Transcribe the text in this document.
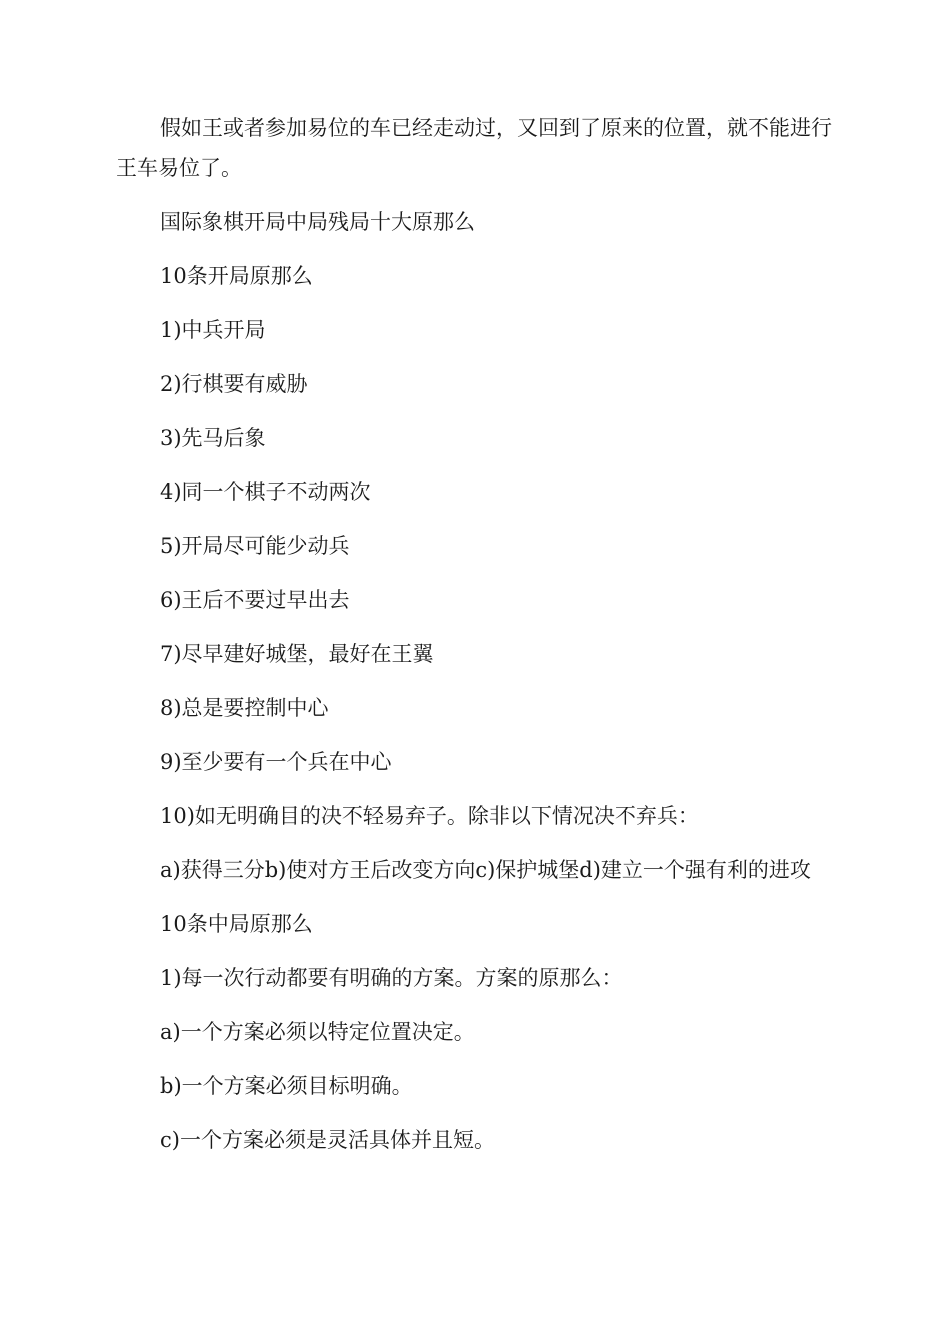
假如王或者参加易位的车已经走动过，又回到了原来的位置，就不能进行王车易位了。

国际象棋开局中局残局十大原那么

10条开局原那么

1)中兵开局

2)行棋要有威胁

3)先马后象

4)同一个棋子不动两次

5)开局尽可能少动兵

6)王后不要过早出去

7)尽早建好城堡，最好在王翼

8)总是要控制中心

9)至少要有一个兵在中心

10)如无明确目的决不轻易弃子。除非以下情况决不弃兵：

a)获得三分b)使对方王后改变方向c)保护城堡d)建立一个强有利的进攻

10条中局原那么

1)每一次行动都要有明确的方案。方案的原那么：

a)一个方案必须以特定位置决定。

b)一个方案必须目标明确。

c)一个方案必须是灵活具体并且短。
